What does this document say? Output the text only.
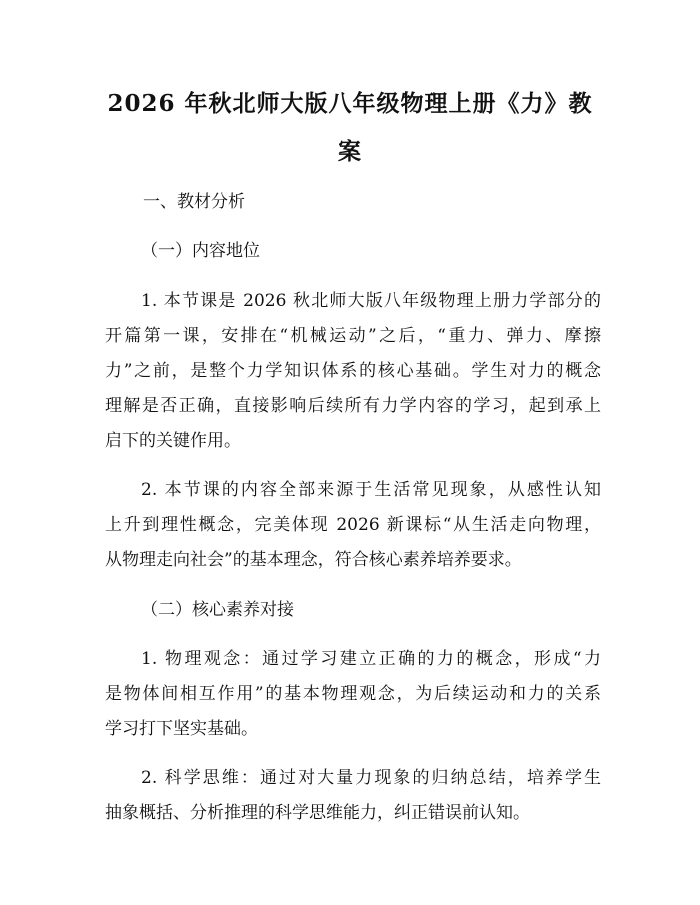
2026 年秋北师大版八年级物理上册《力》教
案

一、教材分析

（一）内容地位

1. 本节课是 2026 秋北师大版八年级物理上册力学部分的

开篇第一课，安排在“机械运动”之后，“重力、弹力、摩擦

力”之前，是整个力学知识体系的核心基础。学生对力的概念

理解是否正确，直接影响后续所有力学内容的学习，起到承上

启下的关键作用。

2. 本节课的内容全部来源于生活常见现象，从感性认知

上升到理性概念，完美体现 2026 新课标“从生活走向物理，

从物理走向社会”的基本理念，符合核心素养培养要求。

（二）核心素养对接

1. 物理观念：通过学习建立正确的力的概念，形成“力

是物体间相互作用”的基本物理观念，为后续运动和力的关系

学习打下坚实基础。

2. 科学思维：通过对大量力现象的归纳总结，培养学生

抽象概括、分析推理的科学思维能力，纠正错误前认知。
